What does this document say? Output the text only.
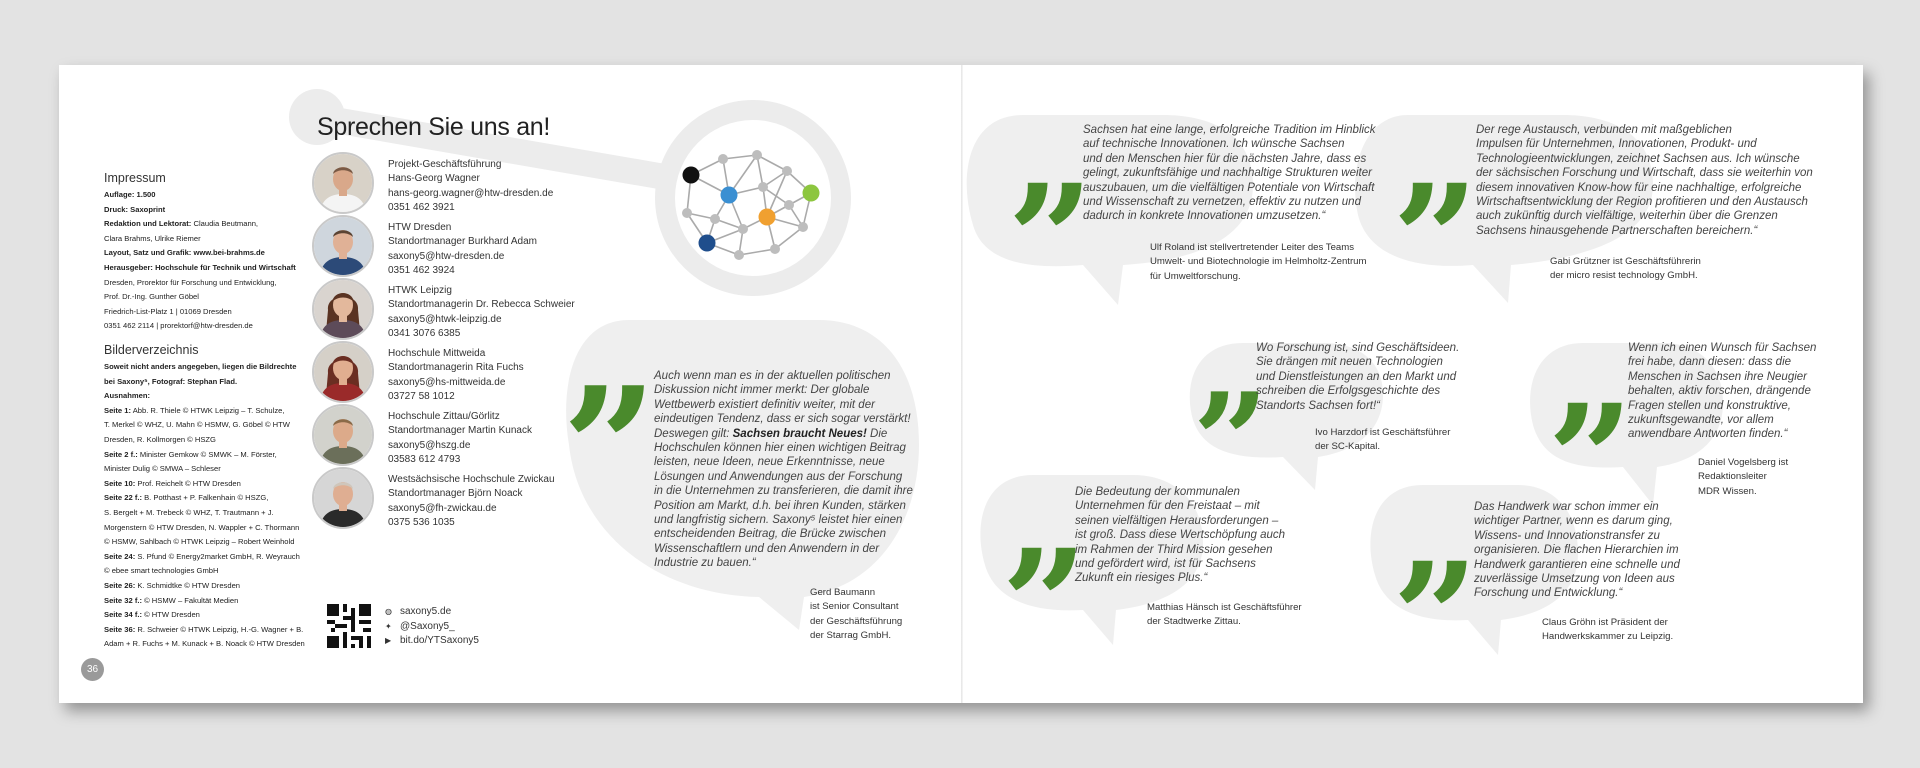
Impressum
Auflage: 1.500
Druck: Saxoprint
Redaktion und Lektorat: Claudia Beutmann,
Clara Brahms, Ulrike Riemer
Layout, Satz und Grafik: www.bei-brahms.de
Herausgeber: Hochschule für Technik und Wirtschaft
Dresden, Prorektor für Forschung und Entwicklung,
Prof. Dr.-Ing. Gunther Göbel
Friedrich-List-Platz 1 | 01069 Dresden
0351 462 2114 | prorektorf@htw-dresden.de
Bilderverzeichnis
Soweit nicht anders angegeben, liegen die Bildrechte
bei Saxony⁵, Fotograf: Stephan Flad.
Ausnahmen:
Seite 1: Abb. R. Thiele © HTWK Leipzig – T. Schulze,
T. Merkel © WHZ, U. Mahn © HSMW, G. Göbel © HTW
Dresden, R. Kollmorgen © HSZG
Seite 2 f.: Minister Gemkow © SMWK – M. Förster,
Minister Dulig © SMWA – Schleser
Seite 10: Prof. Reichelt © HTW Dresden
Seite 22 f.: B. Potthast + P. Falkenhain © HSZG,
S. Bergelt + M. Trebeck © WHZ, T. Trautmann + J.
Morgenstern © HTW Dresden, N. Wappler + C. Thormann
© HSMW, Sahlbach © HTWK Leipzig – Robert Weinhold
Seite 24: S. Pfund © Energy2market GmbH, R. Weyrauch
© ebee smart technologies GmbH
Seite 26: K. Schmidtke © HTW Dresden
Seite 32 f.: © HSMW – Fakultät Medien
Seite 34 f.: © HTW Dresden
Seite 36: R. Schweier © HTWK Leipzig, H.-G. Wagner + B.
Adam + R. Fuchs + M. Kunack + B. Noack © HTW Dresden
Sprechen Sie uns an!
Projekt-Geschäftsführung
Hans-Georg Wagner
hans-georg.wagner@htw-dresden.de
0351 462 3921
HTW Dresden
Standortmanager Burkhard Adam
saxony5@htw-dresden.de
0351 462 3924
HTWK Leipzig
Standortmanagerin Dr. Rebecca Schweier
saxony5@htwk-leipzig.de
0341 3076 6385
Hochschule Mittweida
Standortmanagerin Rita Fuchs
saxony5@hs-mittweida.de
03727 58 1012
Hochschule Zittau/Görlitz
Standortmanager Martin Kunack
saxony5@hszg.de
03583 612 4793
Westsächsische Hochschule Zwickau
Standortmanager Björn Noack
saxony5@fh-zwickau.de
0375 536 1035
◍ saxony5.de
✦ @Saxony5_
▶ bit.do/YTSaxony5
36
„
Auch wenn man es in der aktuellen politischen
Diskussion nicht immer merkt: Der globale
Wettbewerb existiert definitiv weiter, mit der
eindeutigen Tendenz, dass er sich sogar verstärkt!
Deswegen gilt: Sachsen braucht Neues! Die
Hochschulen können hier einen wichtigen Beitrag
leisten, neue Ideen, neue Erkenntnisse, neue
Lösungen und Anwendungen aus der Forschung
in die Unternehmen zu transferieren, die damit ihre
Position am Markt, d.h. bei ihren Kunden, stärken
und langfristig sichern. Saxony⁵ leistet hier einen
entscheidenden Beitrag, die Brücke zwischen
Wissenschaftlern und den Anwendern in der
Industrie zu bauen.“
Gerd Baumann
ist Senior Consultant
der Geschäftsführung
der Starrag GmbH.
„
Sachsen hat eine lange, erfolgreiche Tradition im Hinblick
auf technische Innovationen. Ich wünsche Sachsen
und den Menschen hier für die nächsten Jahre, dass es
gelingt, zukunftsfähige und nachhaltige Strukturen weiter
auszubauen, um die vielfältigen Potentiale von Wirtschaft
und Wissenschaft zu vernetzen, effektiv zu nutzen und
dadurch in konkrete Innovationen umzusetzen.“
Ulf Roland ist stellvertretender Leiter des Teams
Umwelt- und Biotechnologie im Helmholtz-Zentrum
für Umweltforschung.
„
Der rege Austausch, verbunden mit maßgeblichen
Impulsen für Unternehmen, Innovationen, Produkt- und
Technologieentwicklungen, zeichnet Sachsen aus. Ich wünsche
der sächsischen Forschung und Wirtschaft, dass sie weiterhin von
diesem innovativen Know-how für eine nachhaltige, erfolgreiche
Wirtschaftsentwicklung der Region profitieren und den Austausch
auch zukünftig durch vielfältige, weiterhin über die Grenzen
Sachsens hinausgehende Partnerschaften bereichern.“
Gabi Grützner ist Geschäftsführerin
der micro resist technology GmbH.
„
Wo Forschung ist, sind Geschäftsideen.
Sie drängen mit neuen Technologien
und Dienstleistungen an den Markt und
schreiben die Erfolgsgeschichte des
Standorts Sachsen fort!“
Ivo Harzdorf ist Geschäftsführer
der SC-Kapital.	„
Wenn ich einen Wunsch für Sachsen
frei habe, dann diesen: dass die
Menschen in Sachsen ihre Neugier
behalten, aktiv forschen, drängende
Fragen stellen und konstruktive,
zukunftsgewandte, vor allem
anwendbare Antworten finden.“
Daniel Vogelsberg ist
Redaktionsleiter
MDR Wissen.
„
Die Bedeutung der kommunalen
Unternehmen für den Freistaat – mit
seinen vielfältigen Herausforderungen –
ist groß. Dass diese Wertschöpfung auch
im Rahmen der Third Mission gesehen
und gefördert wird, ist für Sachsens
Zukunft ein riesiges Plus.“
Matthias Hänsch ist Geschäftsführer
der Stadtwerke Zittau.
„
Das Handwerk war schon immer ein
wichtiger Partner, wenn es darum ging,
Wissens- und Innovationstransfer zu
organisieren. Die flachen Hierarchien im
Handwerk garantieren eine schnelle und
zuverlässige Umsetzung von Ideen aus
Forschung und Entwicklung.“
Claus Gröhn ist Präsident der
Handwerkskammer zu Leipzig.
